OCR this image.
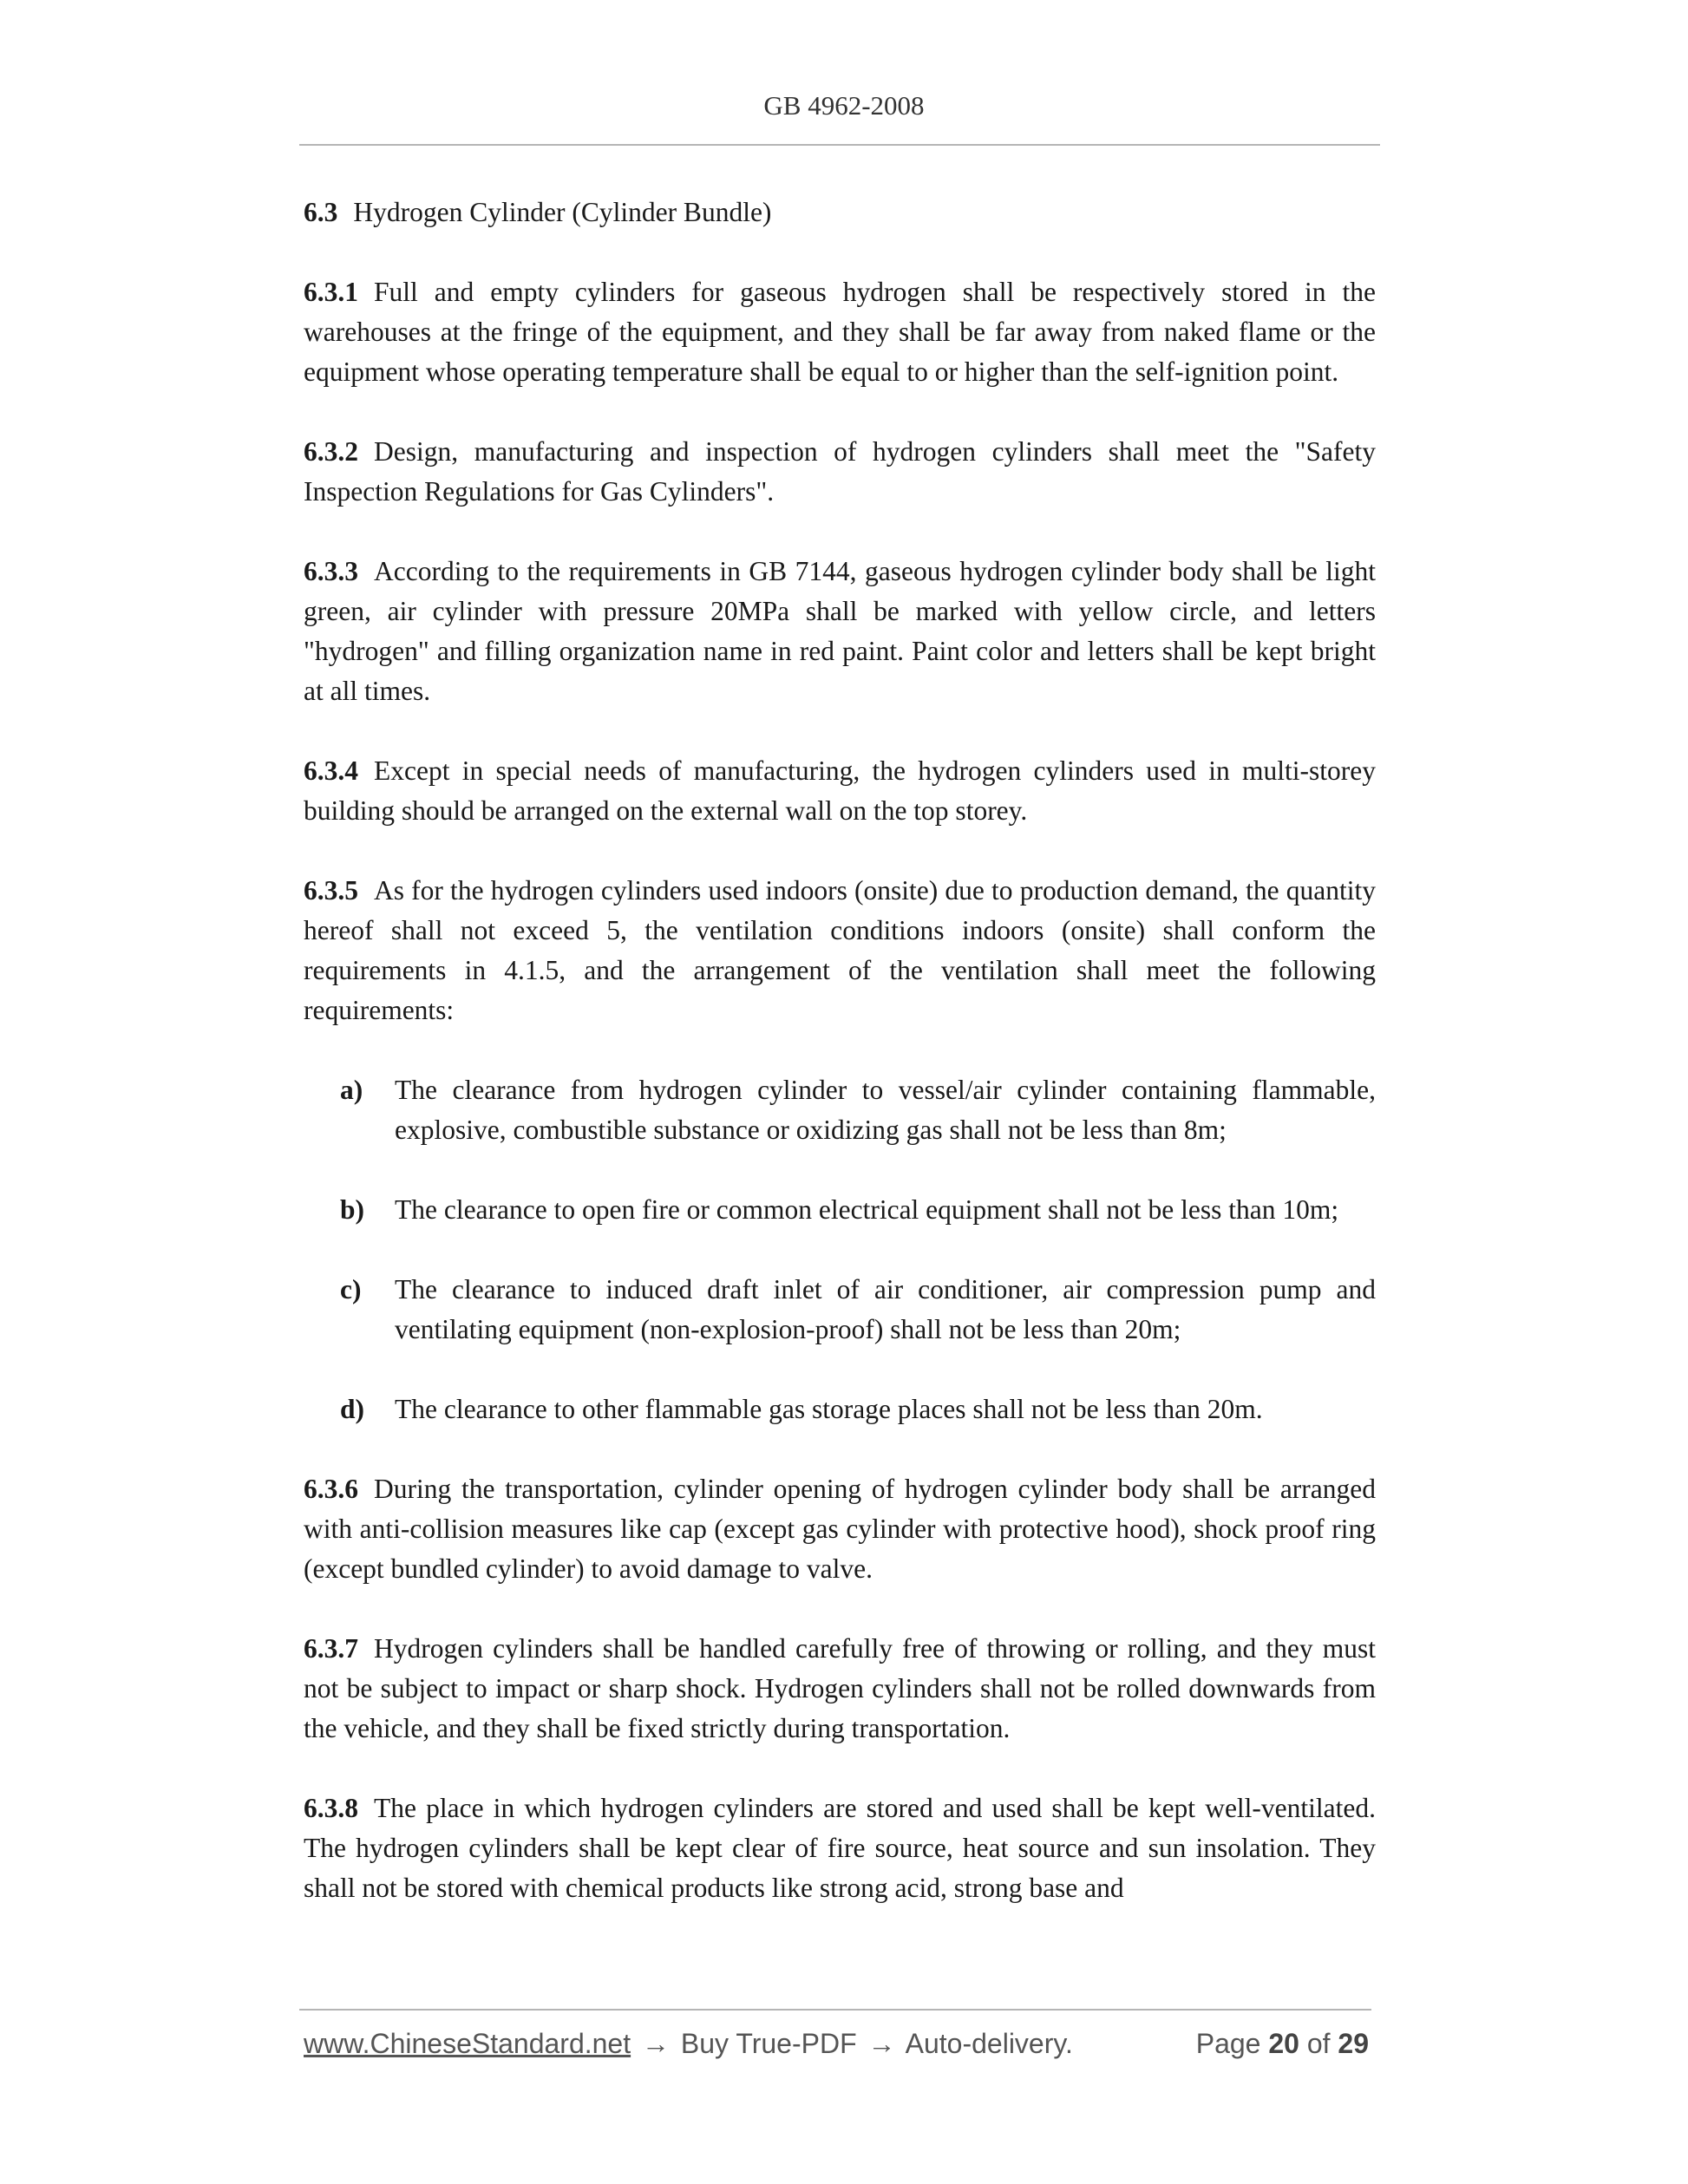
GB 4962-2008

6.3 Hydrogen Cylinder (Cylinder Bundle)

6.3.1 Full and empty cylinders for gaseous hydrogen shall be respectively stored in the warehouses at the fringe of the equipment, and they shall be far away from naked flame or the equipment whose operating temperature shall be equal to or higher than the self-ignition point.

6.3.2 Design, manufacturing and inspection of hydrogen cylinders shall meet the "Safety Inspection Regulations for Gas Cylinders".

6.3.3 According to the requirements in GB 7144, gaseous hydrogen cylinder body shall be light green, air cylinder with pressure 20MPa shall be marked with yellow circle, and letters "hydrogen" and filling organization name in red paint. Paint color and letters shall be kept bright at all times.

6.3.4 Except in special needs of manufacturing, the hydrogen cylinders used in multi-storey building should be arranged on the external wall on the top storey.

6.3.5 As for the hydrogen cylinders used indoors (onsite) due to production demand, the quantity hereof shall not exceed 5, the ventilation conditions indoors (onsite) shall conform the requirements in 4.1.5, and the arrangement of the ventilation shall meet the following requirements:

a) The clearance from hydrogen cylinder to vessel/air cylinder containing flammable, explosive, combustible substance or oxidizing gas shall not be less than 8m;
b) The clearance to open fire or common electrical equipment shall not be less than 10m;
c) The clearance to induced draft inlet of air conditioner, air compression pump and ventilating equipment (non-explosion-proof) shall not be less than 20m;
d) The clearance to other flammable gas storage places shall not be less than 20m.

6.3.6 During the transportation, cylinder opening of hydrogen cylinder body shall be arranged with anti-collision measures like cap (except gas cylinder with protective hood), shock proof ring (except bundled cylinder) to avoid damage to valve.

6.3.7 Hydrogen cylinders shall be handled carefully free of throwing or rolling, and they must not be subject to impact or sharp shock. Hydrogen cylinders shall not be rolled downwards from the vehicle, and they shall be fixed strictly during transportation.

6.3.8 The place in which hydrogen cylinders are stored and used shall be kept well-ventilated. The hydrogen cylinders shall be kept clear of fire source, heat source and sun insolation. They shall not be stored with chemical products like strong acid, strong base and

www.ChineseStandard.net → Buy True-PDF → Auto-delivery.	Page 20 of 29
